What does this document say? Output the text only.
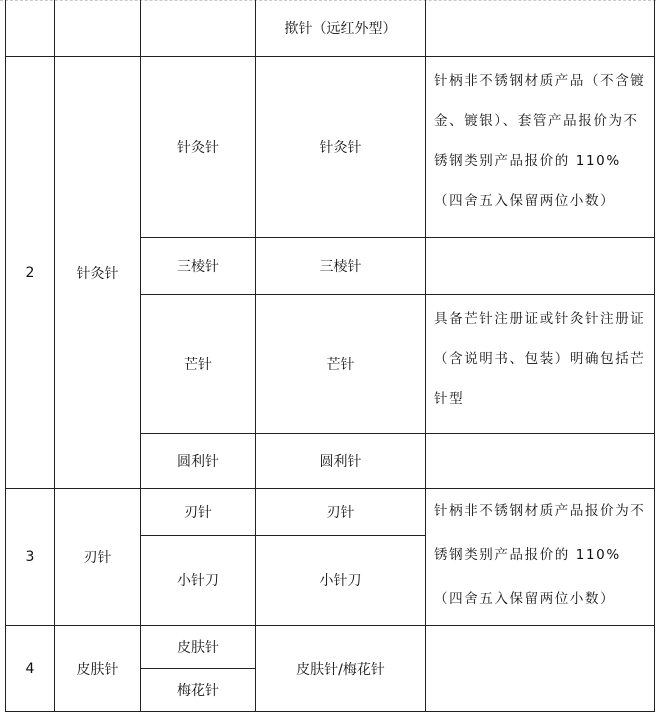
			揿针（远红外型）	
2	针灸针	针灸针	针灸针	针柄非不锈钢材质产品（不含镀金、镀银）、套管产品报价为不锈钢类别产品报价的 110%（四舍五入保留两位小数）
		三棱针	三棱针	
		芒针	芒针	具备芒针注册证或针灸针注册证（含说明书、包装）明确包括芒针型
		圆利针	圆利针	
3	刃针	刃针	刃针	针柄非不锈钢材质产品报价为不锈钢类别产品报价的 110%（四舍五入保留两位小数）
		小针刀	小针刀	
4	皮肤针	皮肤针	皮肤针/梅花针	
		梅花针		
